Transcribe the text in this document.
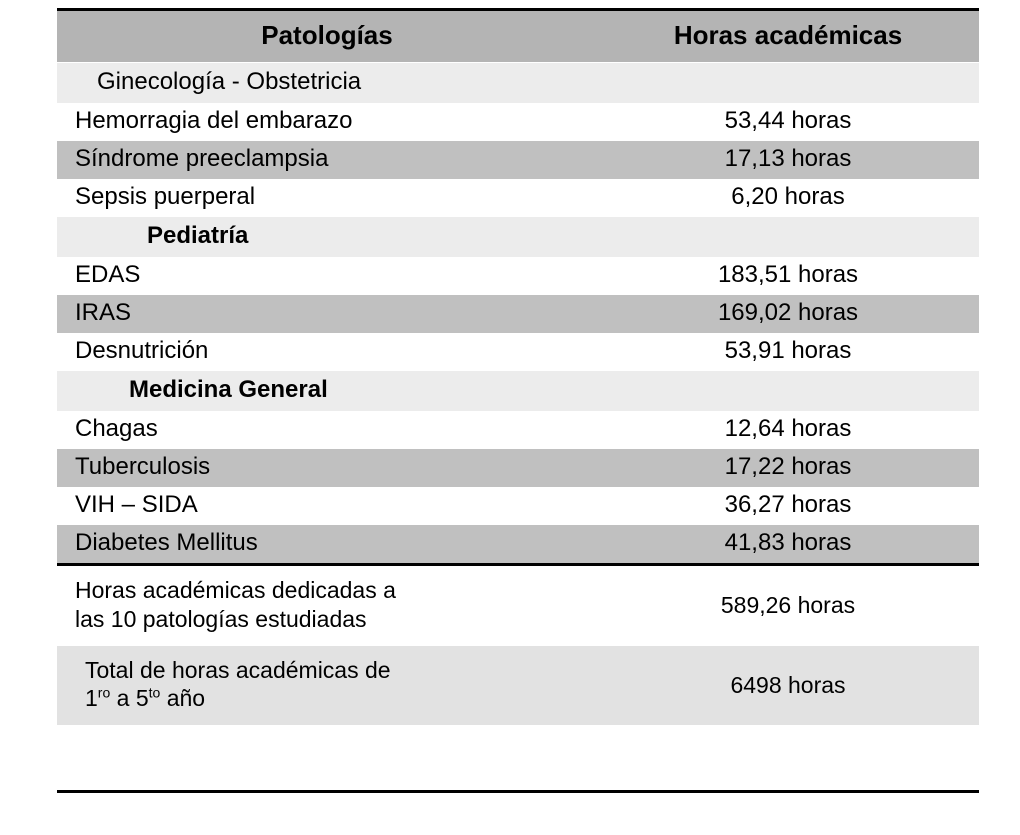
Patologías	Horas académicas
Ginecología - Obstetricia	
Hemorragia del embarazo	53,44 horas
Síndrome preeclampsia	17,13 horas
Sepsis puerperal	6,20 horas
Pediatría	
EDAS	183,51 horas
IRAS	169,02 horas
Desnutrición	53,91 horas
Medicina General	
Chagas	12,64 horas
Tuberculosis	17,22 horas
VIH – SIDA	36,27 horas
Diabetes Mellitus	41,83 horas
Horas académicas dedicadas a
las 10 patologías estudiadas	589,26 horas
Total de horas académicas de
$1^{ro}$ a $5^{to}$ año	6498 horas
